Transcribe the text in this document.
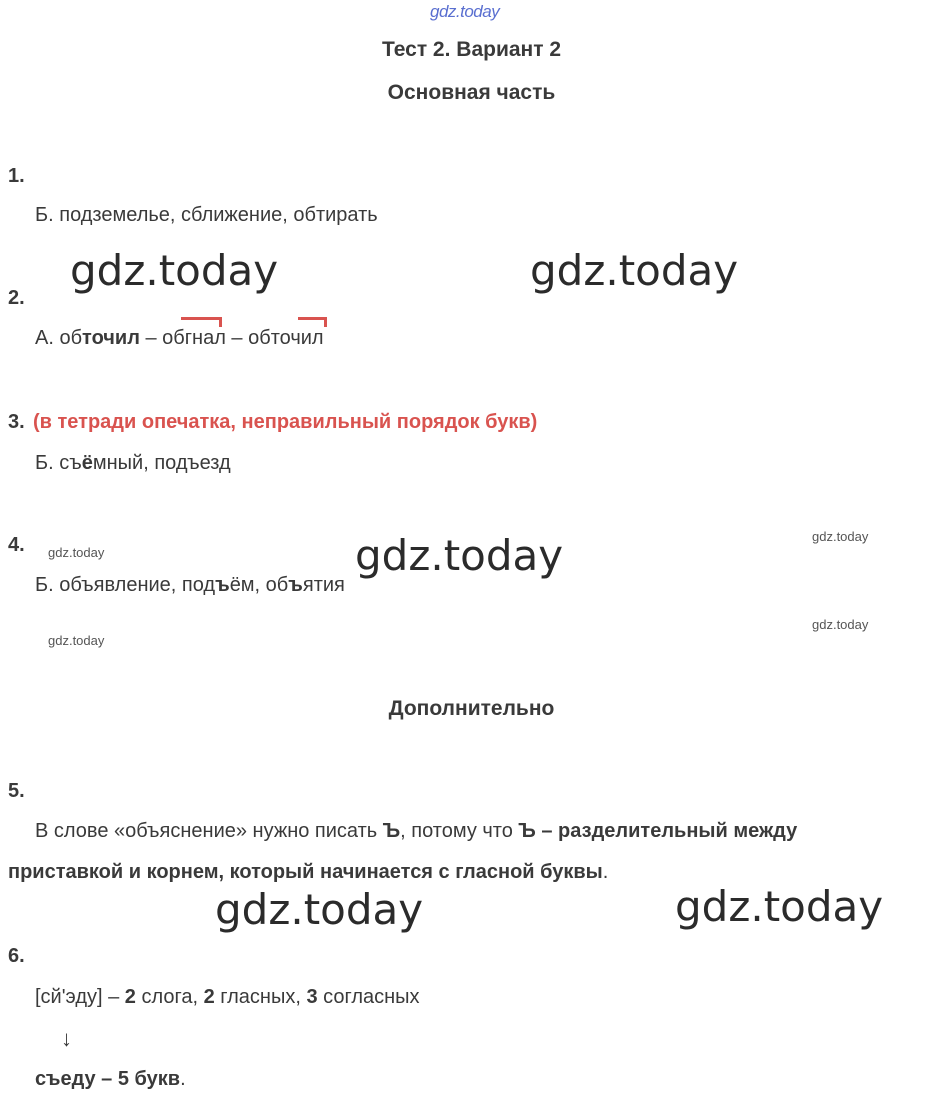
gdz.today
Тест 2. Вариант 2
Основная часть
1.
Б. подземелье, сближение, обтирать
gdz.today	gdz.today
2.
А. обточил – обгнал – обточил
3. (в тетради опечатка, неправильный порядок букв)
Б. съёмный, подъезд
4. gdz.today	gdz.today	gdz.today
Б. объявление, подъём, объятия
gdz.today
gdz.today
Дополнительно
5.
В слове «объяснение» нужно писать Ъ, потому что Ъ – разделительный между
приставкой и корнем, который начинается с гласной буквы.
gdz.today	gdz.today
6.
[сй'эду] – 2 слога, 2 гласных, 3 согласных
↓
съеду – 5 букв.
